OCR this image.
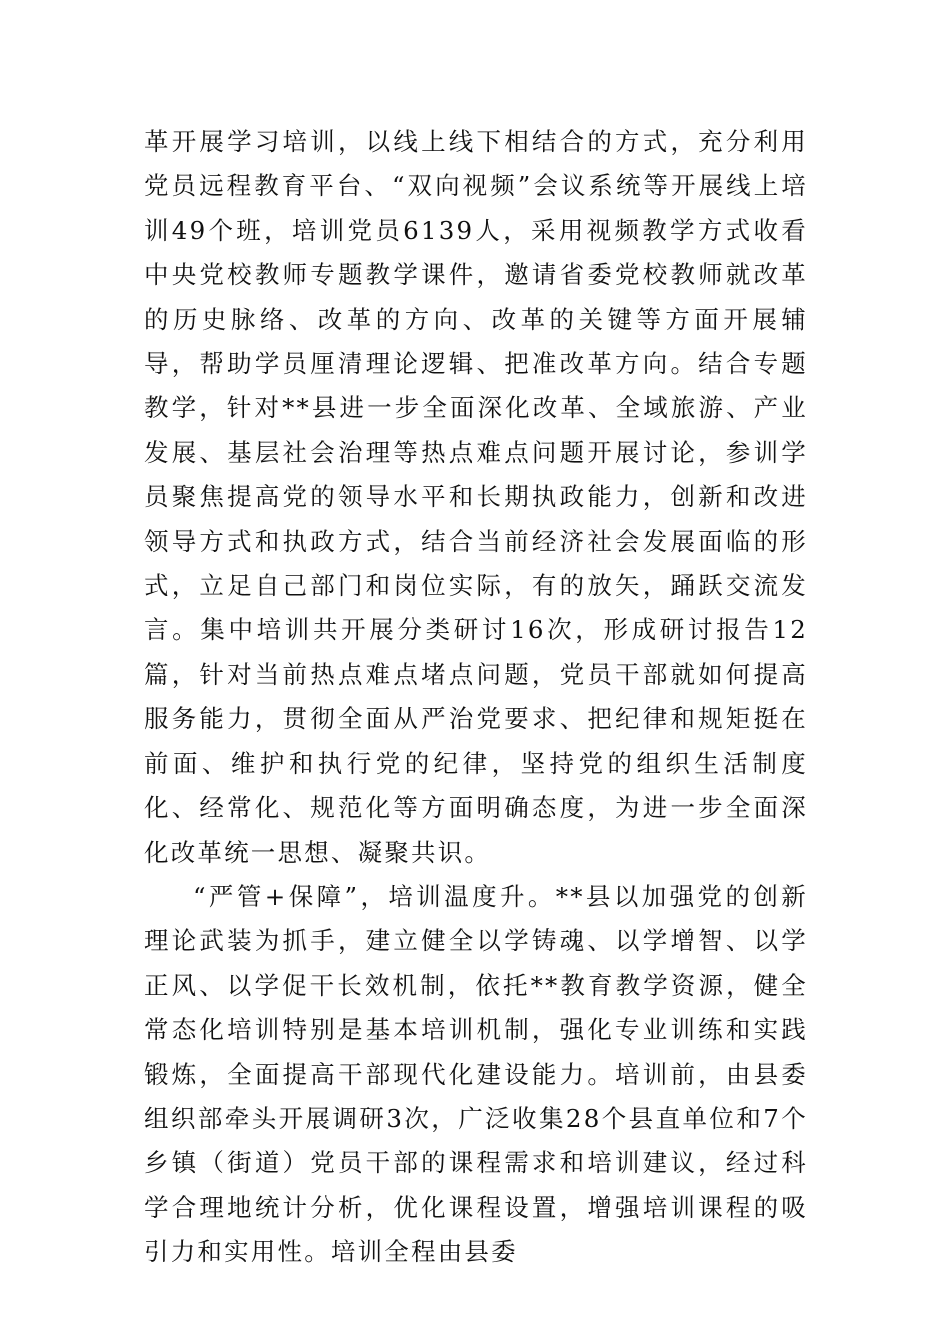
革开展学习培训，以线上线下相结合的方式，充分利用党员远程教育平台、“双向视频”会议系统等开展线上培训49个班，培训党员6139人，采用视频教学方式收看中央党校教师专题教学课件，邀请省委党校教师就改革的历史脉络、改革的方向、改革的关键等方面开展辅导，帮助学员厘清理论逻辑、把准改革方向。结合专题教学，针对**县进一步全面深化改革、全域旅游、产业发展、基层社会治理等热点难点问题开展讨论，参训学员聚焦提高党的领导水平和长期执政能力，创新和改进领导方式和执政方式，结合当前经济社会发展面临的形式，立足自己部门和岗位实际，有的放矢，踊跃交流发言。集中培训共开展分类研讨16次，形成研讨报告12篇，针对当前热点难点堵点问题，党员干部就如何提高服务能力，贯彻全面从严治党要求、把纪律和规矩挺在前面、维护和执行党的纪律，坚持党的组织生活制度化、经常化、规范化等方面明确态度，为进一步全面深化改革统一思想、凝聚共识。

“严管+保障”，培训温度升。**县以加强党的创新理论武装为抓手，建立健全以学铸魂、以学增智、以学正风、以学促干长效机制，依托**教育教学资源，健全常态化培训特别是基本培训机制，强化专业训练和实践锻炼，全面提高干部现代化建设能力。培训前，由县委组织部牵头开展调研3次，广泛收集28个县直单位和7个乡镇（街道）党员干部的课程需求和培训建议，经过科学合理地统计分析，优化课程设置，增强培训课程的吸引力和实用性。培训全程由县委
